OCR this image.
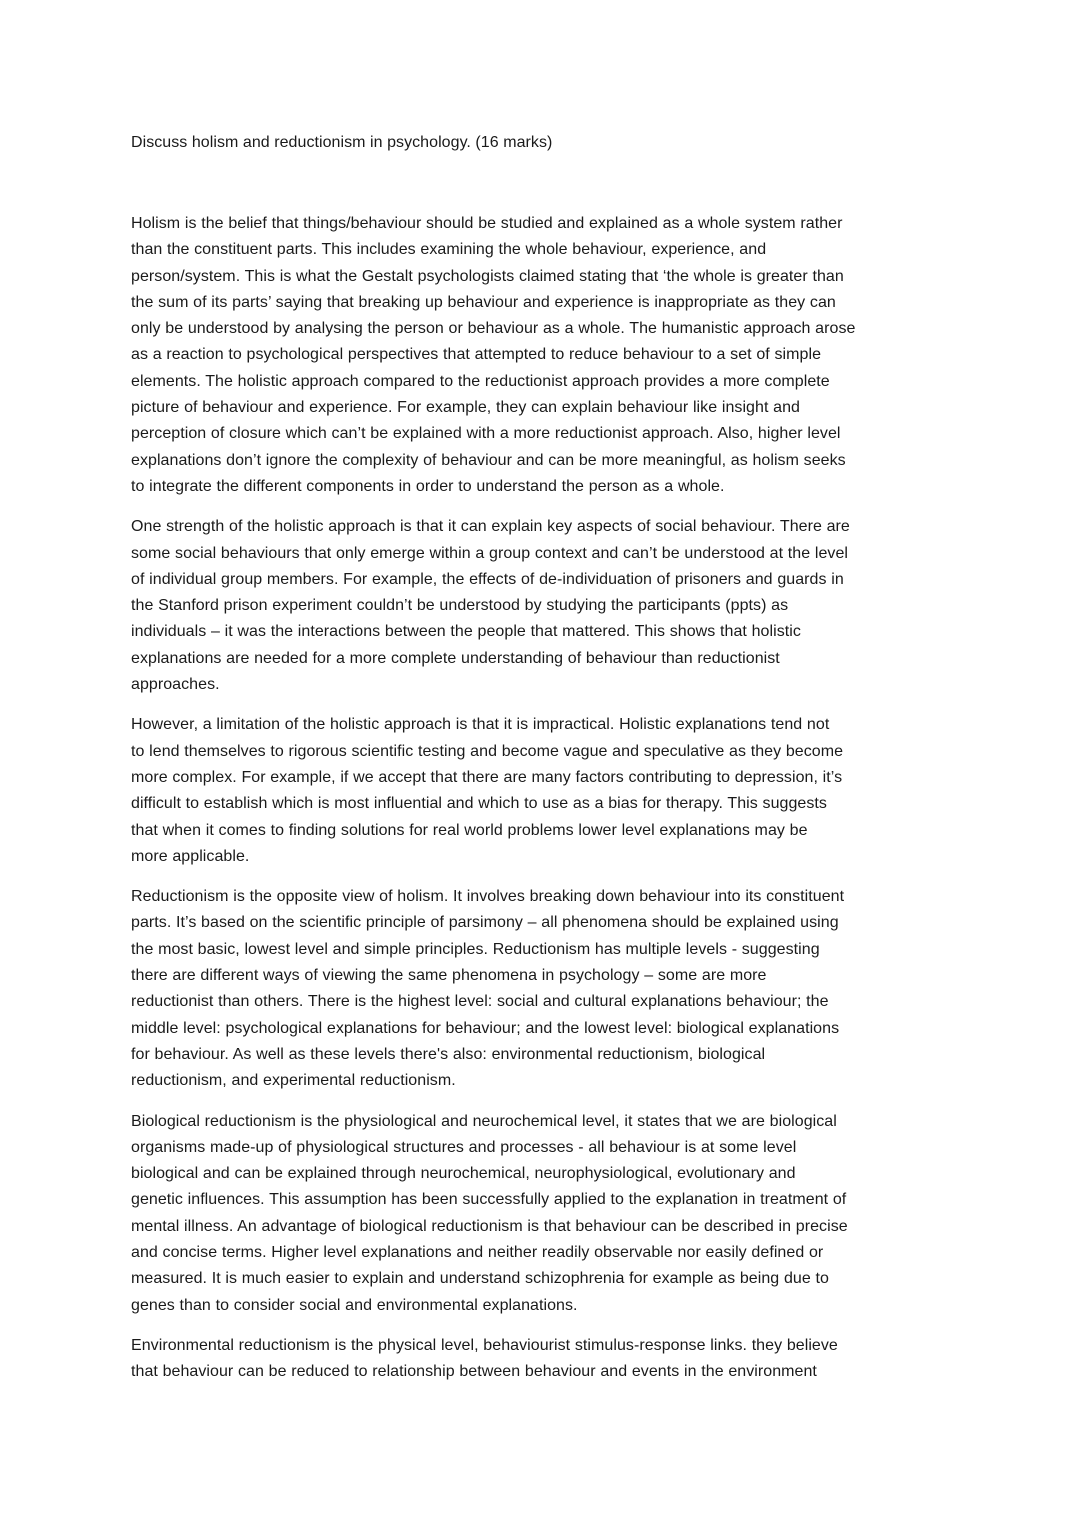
Discuss holism and reductionism in psychology. (16 marks)

Holism is the belief that things/behaviour should be studied and explained as a whole system rather
than the constituent parts. This includes examining the whole behaviour, experience, and
person/system. This is what the Gestalt psychologists claimed stating that ‘the whole is greater than
the sum of its parts’ saying that breaking up behaviour and experience is inappropriate as they can
only be understood by analysing the person or behaviour as a whole. The humanistic approach arose
as a reaction to psychological perspectives that attempted to reduce behaviour to a set of simple
elements. The holistic approach compared to the reductionist approach provides a more complete
picture of behaviour and experience. For example, they can explain behaviour like insight and
perception of closure which can’t be explained with a more reductionist approach. Also, higher level
explanations don’t ignore the complexity of behaviour and can be more meaningful, as holism seeks
to integrate the different components in order to understand the person as a whole.

One strength of the holistic approach is that it can explain key aspects of social behaviour. There are
some social behaviours that only emerge within a group context and can’t be understood at the level
of individual group members. For example, the effects of de-individuation of prisoners and guards in
the Stanford prison experiment couldn’t be understood by studying the participants (ppts) as
individuals – it was the interactions between the people that mattered. This shows that holistic
explanations are needed for a more complete understanding of behaviour than reductionist
approaches.

However, a limitation of the holistic approach is that it is impractical. Holistic explanations tend not
to lend themselves to rigorous scientific testing and become vague and speculative as they become
more complex. For example, if we accept that there are many factors contributing to depression, it’s
difficult to establish which is most influential and which to use as a bias for therapy. This suggests
that when it comes to finding solutions for real world problems lower level explanations may be
more applicable.

Reductionism is the opposite view of holism. It involves breaking down behaviour into its constituent
parts. It’s based on the scientific principle of parsimony – all phenomena should be explained using
the most basic, lowest level and simple principles. Reductionism has multiple levels - suggesting
there are different ways of viewing the same phenomena in psychology – some are more
reductionist than others. There is the highest level: social and cultural explanations behaviour; the
middle level: psychological explanations for behaviour; and the lowest level: biological explanations
for behaviour. As well as these levels there's also: environmental reductionism, biological
reductionism, and experimental reductionism.

Biological reductionism is the physiological and neurochemical level, it states that we are biological
organisms made-up of physiological structures and processes - all behaviour is at some level
biological and can be explained through neurochemical, neurophysiological, evolutionary and
genetic influences. This assumption has been successfully applied to the explanation in treatment of
mental illness. An advantage of biological reductionism is that behaviour can be described in precise
and concise terms. Higher level explanations and neither readily observable nor easily defined or
measured. It is much easier to explain and understand schizophrenia for example as being due to
genes than to consider social and environmental explanations.

Environmental reductionism is the physical level, behaviourist stimulus-response links. they believe
that behaviour can be reduced to relationship between behaviour and events in the environment
